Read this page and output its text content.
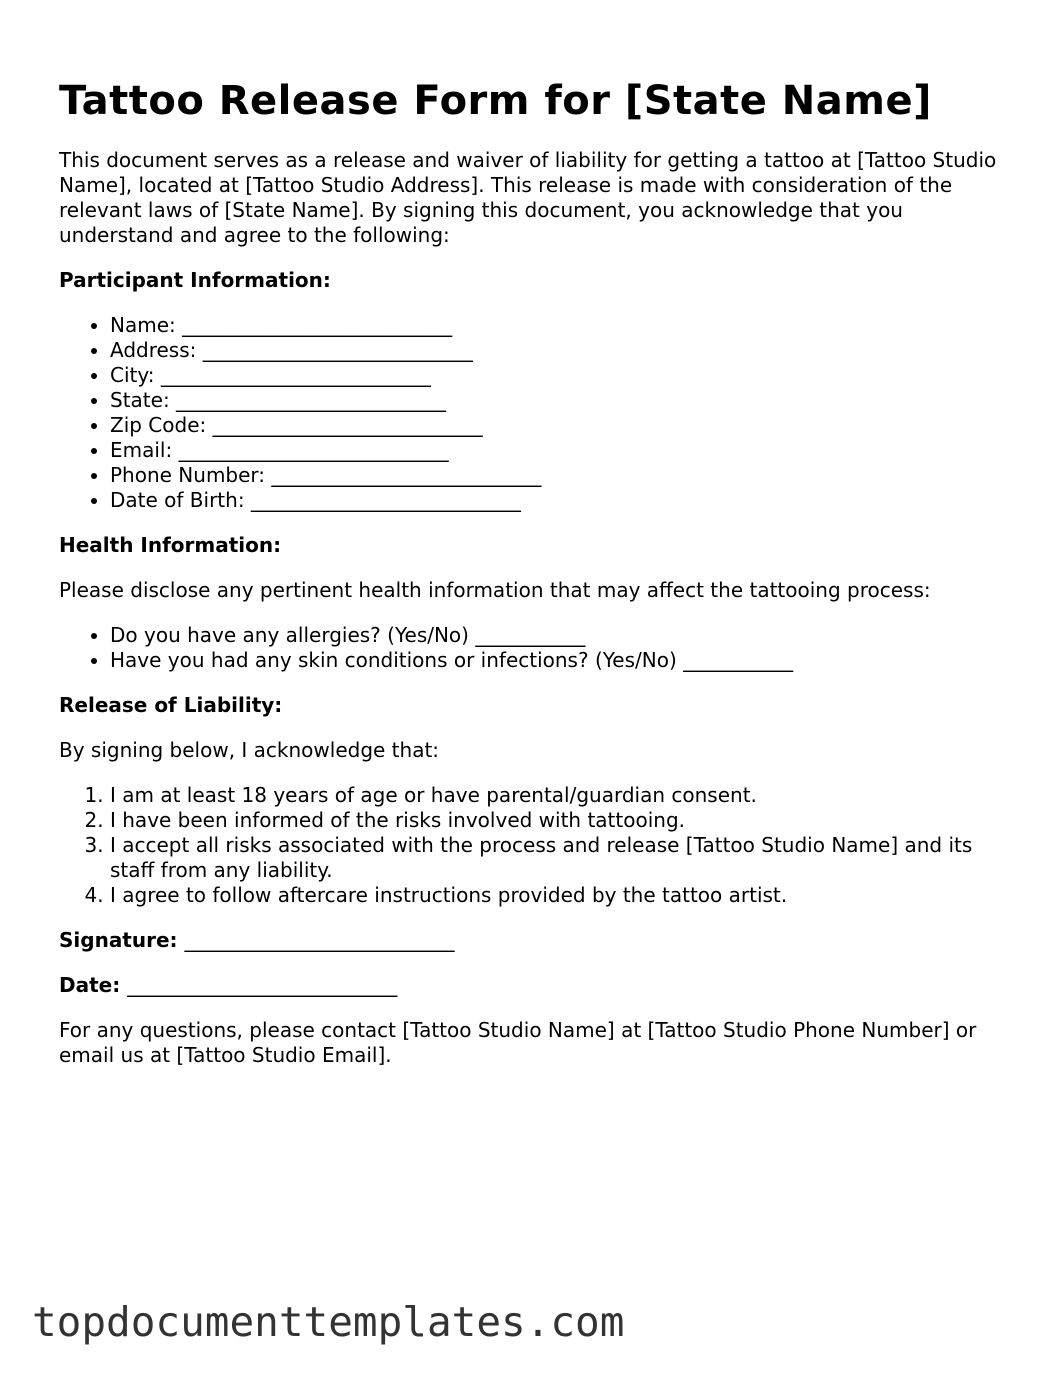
Tattoo Release Form for [State Name]

This document serves as a release and waiver of liability for getting a tattoo at [Tattoo Studio Name], located at [Tattoo Studio Address]. This release is made with consideration of the relevant laws of [State Name]. By signing this document, you acknowledge that you understand and agree to the following:

Participant Information:
• Name: ___________________________
• Address: ___________________________
• City: ___________________________
• State: ___________________________
• Zip Code: ___________________________
• Email: ___________________________
• Phone Number: ___________________________
• Date of Birth: ___________________________
Health Information:

Please disclose any pertinent health information that may affect the tattooing process:

• Do you have any allergies? (Yes/No) ___________
• Have you had any skin conditions or infections? (Yes/No) ___________
Release of Liability:

By signing below, I acknowledge that:

1. I am at least 18 years of age or have parental/guardian consent.
2. I have been informed of the risks involved with tattooing.
3. I accept all risks associated with the process and release [Tattoo Studio Name] and its staff from any liability.
4. I agree to follow aftercare instructions provided by the tattoo artist.
Signature: ___________________________
Date: ___________________________

For any questions, please contact [Tattoo Studio Name] at [Tattoo Studio Phone Number] or email us at [Tattoo Studio Email].

topdocumenttemplates.com
